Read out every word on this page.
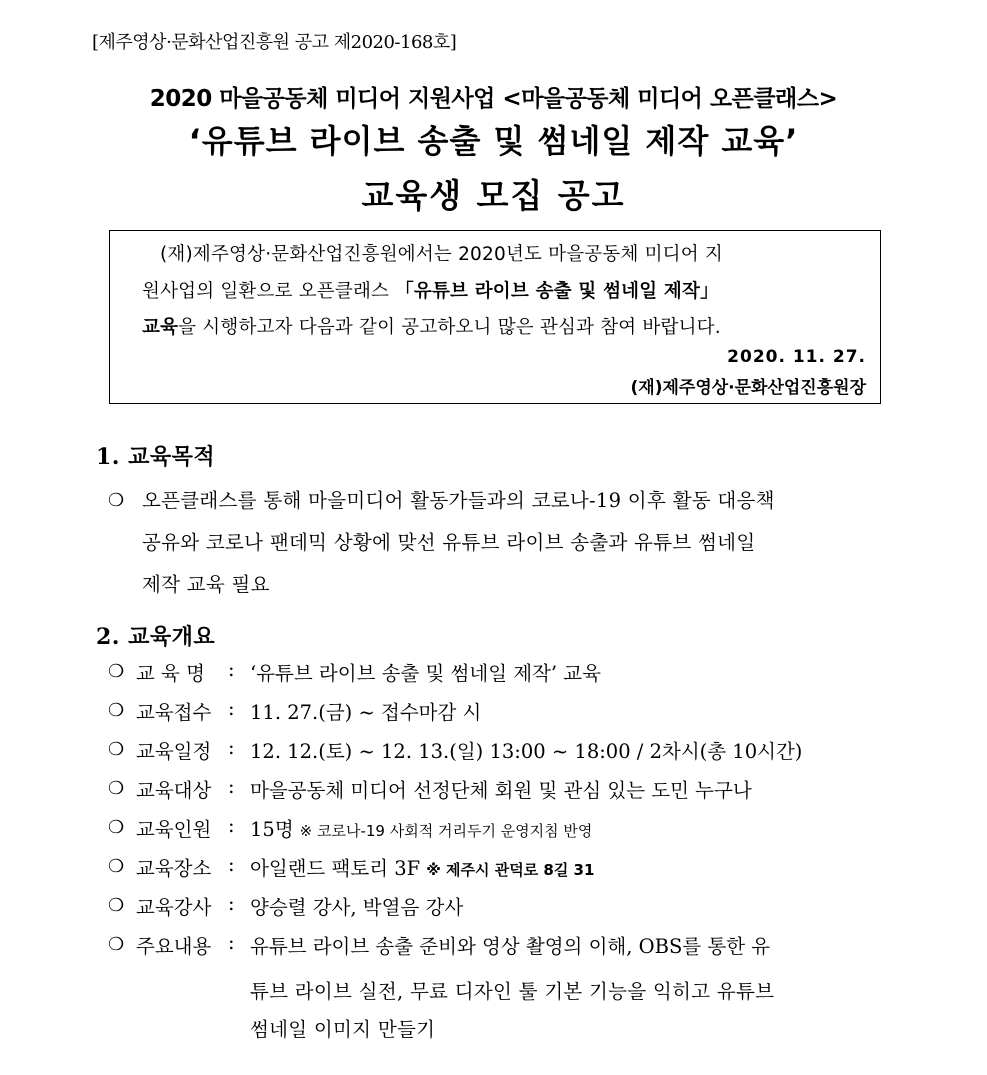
[제주영상·문화산업진흥원 공고 제2020-168호]
2020 마을공동체 미디어 지원사업 <마을공동체 미디어 오픈클래스>
‘유튜브 라이브 송출 및 썸네일 제작 교육’
교육생 모집 공고
(재)제주영상·문화산업진흥원에서는 2020년도 마을공동체 미디어 지
원사업의 일환으로 오픈클래스 「유튜브 라이브 송출 및 썸네일 제작」
교육을 시행하고자 다음과 같이 공고하오니 많은 관심과 참여 바랍니다.
2020. 11. 27.
(재)제주영상·문화산업진흥원장
1. 교육목적
❍ 오픈클래스를 통해 마을미디어 활동가들과의 코로나-19 이후 활동 대응책
공유와 코로나 팬데믹 상황에 맞선 유튜브 라이브 송출과 유튜브 썸네일
제작 교육 필요
2. 교육개요
❍ 교 육 명 : ‘유튜브 라이브 송출 및 썸네일 제작’ 교육
❍ 교육접수 : 11. 27.(금) ~ 접수마감 시
❍ 교육일정 : 12. 12.(토) ~ 12. 13.(일) 13:00 ~ 18:00 / 2차시(총 10시간)
❍ 교육대상 : 마을공동체 미디어 선정단체 회원 및 관심 있는 도민 누구나
❍ 교육인원 : 15명 ※ 코로나-19 사회적 거리두기 운영지침 반영
❍ 교육장소 : 아일랜드 팩토리 3F ※ 제주시 관덕로 8길 31
❍ 교육강사 : 양승렬 강사, 박열음 강사
❍ 주요내용 : 유튜브 라이브 송출 준비와 영상 촬영의 이해, OBS를 통한 유
튜브 라이브 실전, 무료 디자인 툴 기본 기능을 익히고 유튜브
썸네일 이미지 만들기
